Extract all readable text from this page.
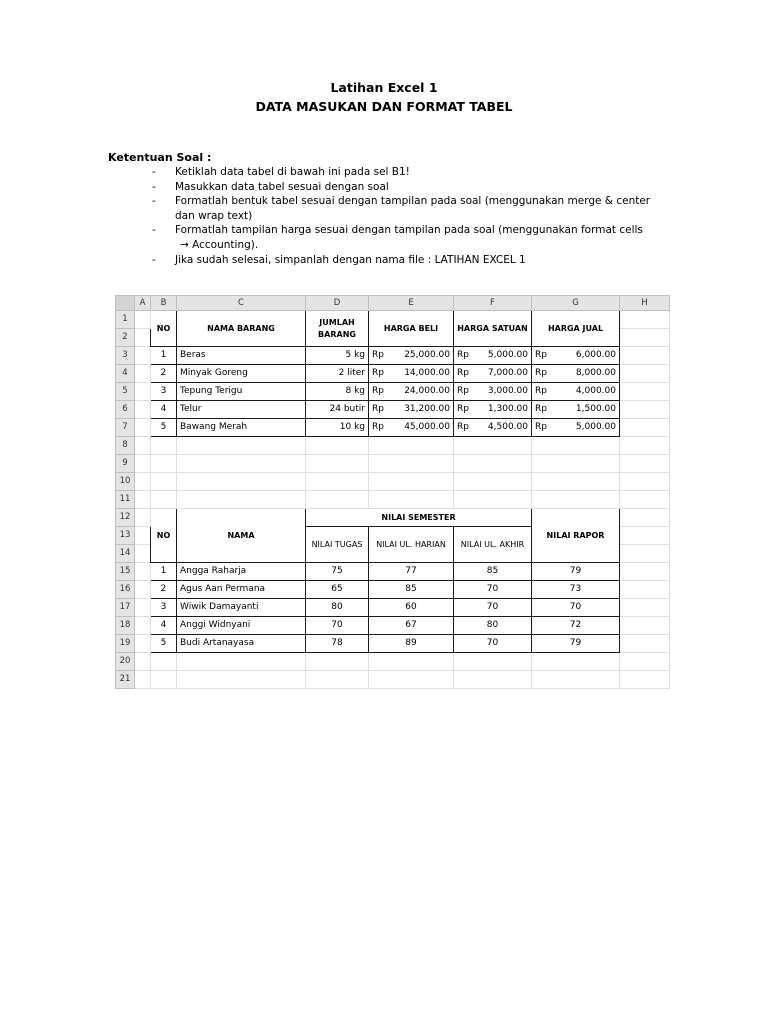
Latihan Excel 1
DATA MASUKAN DAN FORMAT TABEL
Ketentuan Soal :
- Ketiklah data tabel di bawah ini pada sel B1!
- Masukkan data tabel sesuai dengan soal
- Formatlah bentuk tabel sesuai dengan tampilan pada soal (menggunakan merge & center
dan wrap text)
- Formatlah tampilan harga sesuai dengan tampilan pada soal (menggunakan format cells
→ Accounting).
- Jika sudah selesai, simpanlah dengan nama file : LATIHAN EXCEL 1
	A	B	C	D	E	F	G	H
1		NO	NAMA BARANG	JUMLAH BARANG	HARGA BELI	HARGA SATUAN	HARGA JUAL	
2								
3		1	Beras	5 kg	Rp 25,000.00	Rp 5,000.00	Rp 6,000.00	

4		2	Minyak Goreng	2 liter	Rp 14,000.00	Rp 7,000.00	Rp 8,000.00	

5		3	Tepung Terigu	8 kg	Rp 24,000.00	Rp 3,000.00	Rp 4,000.00	

6		4	Telur	24 butir	Rp 31,200.00	Rp 1,300.00	Rp 1,500.00	

7		5	Bawang Merah	10 kg	Rp 45,000.00	Rp 4,500.00	Rp 5,000.00	

8								
9								
10								
11								
12		NO	NAMA	NILAI SEMESTER			NILAI RAPOR	
13				NILAI TUGAS	NILAI UL. HARIAN	NILAI UL. AKHIR		
14								
15		1	Angga Raharja	75	77	85	79	
16		2	Agus Aan Permana	65	85	70	73	
17		3	Wiwik Damayanti	80	60	70	70	
18		4	Anggi Widnyani	70	67	80	72	
19		5	Budi Artanayasa	78	89	70	79	
20								
21								
